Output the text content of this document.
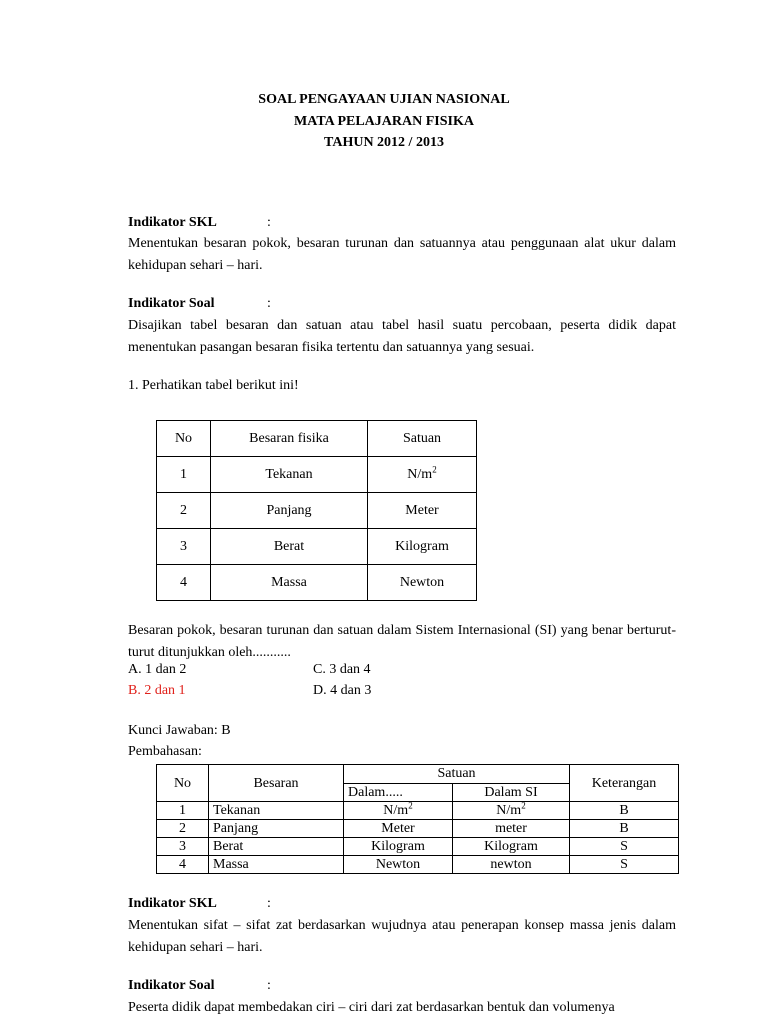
SOAL PENGAYAAN UJIAN NASIONAL
MATA PELAJARAN FISIKA
TAHUN 2012 / 2013
Indikator SKL	:
Menentukan besaran pokok, besaran turunan dan satuannya atau penggunaan alat ukur dalam kehidupan sehari – hari.
Indikator Soal	:
Disajikan tabel besaran dan satuan atau tabel hasil suatu percobaan, peserta didik dapat menentukan pasangan besaran fisika tertentu dan satuannya yang sesuai.
1. Perhatikan tabel berikut ini!
No	Besaran fisika	Satuan
1	Tekanan	$N/m^2$
2	Panjang	Meter
3	Berat	Kilogram
4	Massa	Newton
Besaran pokok, besaran turunan dan satuan dalam Sistem Internasional (SI) yang benar berturut-turut ditunjukkan oleh...........
A. 1 dan 2	C. 3 dan 4
B. 2 dan 1	D. 4 dan 3
Kunci Jawaban: B
Pembahasan:
No	Besaran	Satuan		Keterangan
		Dalam.....	Dalam SI	
1	Tekanan	$N/m^2$	$N/m^2$	B
2	Panjang	Meter	meter	B
3	Berat	Kilogram	Kilogram	S
4	Massa	Newton	newton	S
Indikator SKL	:
Menentukan sifat – sifat zat berdasarkan wujudnya atau penerapan konsep massa jenis dalam kehidupan sehari – hari.
Indikator Soal	:
Peserta didik dapat membedakan ciri – ciri dari zat berdasarkan bentuk dan volumenya
